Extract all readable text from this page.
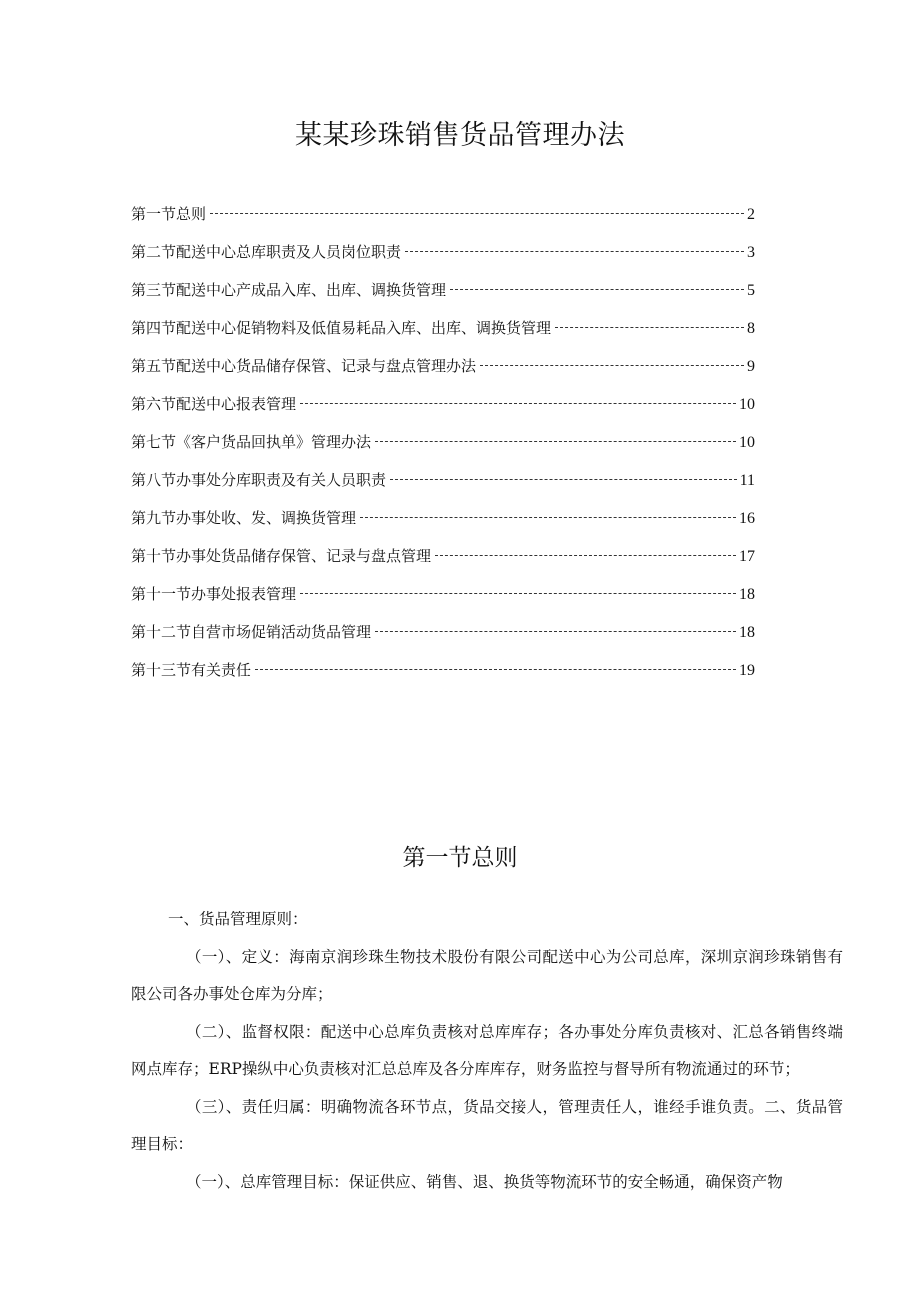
某某珍珠销售货品管理办法
第一节总则	2
第二节配送中心总库职责及人员岗位职责	3
第三节配送中心产成品入库、出库、调换货管理	5
第四节配送中心促销物料及低值易耗品入库、出库、调换货管理	8
第五节配送中心货品储存保管、记录与盘点管理办法	9
第六节配送中心报表管理	10
第七节《客户货品回执单》管理办法	10
第八节办事处分库职责及有关人员职责	11
第九节办事处收、发、调换货管理	16
第十节办事处货品储存保管、记录与盘点管理	17
第十一节办事处报表管理	18
第十二节自营市场促销活动货品管理	18
第十三节有关责任	19
第一节总则

一、货品管理原则：

（一）、定义：海南京润珍珠生物技术股份有限公司配送中心为公司总库，深圳京润珍珠销售有限公司各办事处仓库为分库；

（二）、监督权限：配送中心总库负责核对总库库存；各办事处分库负责核对、汇总各销售终端网点库存；ERP操纵中心负责核对汇总总库及各分库库存，财务监控与督导所有物流通过的环节；

（三）、责任归属：明确物流各环节点，货品交接人，管理责任人，谁经手谁负责。二、货品管理目标：

（一）、总库管理目标：保证供应、销售、退、换货等物流环节的安全畅通，确保资产物
